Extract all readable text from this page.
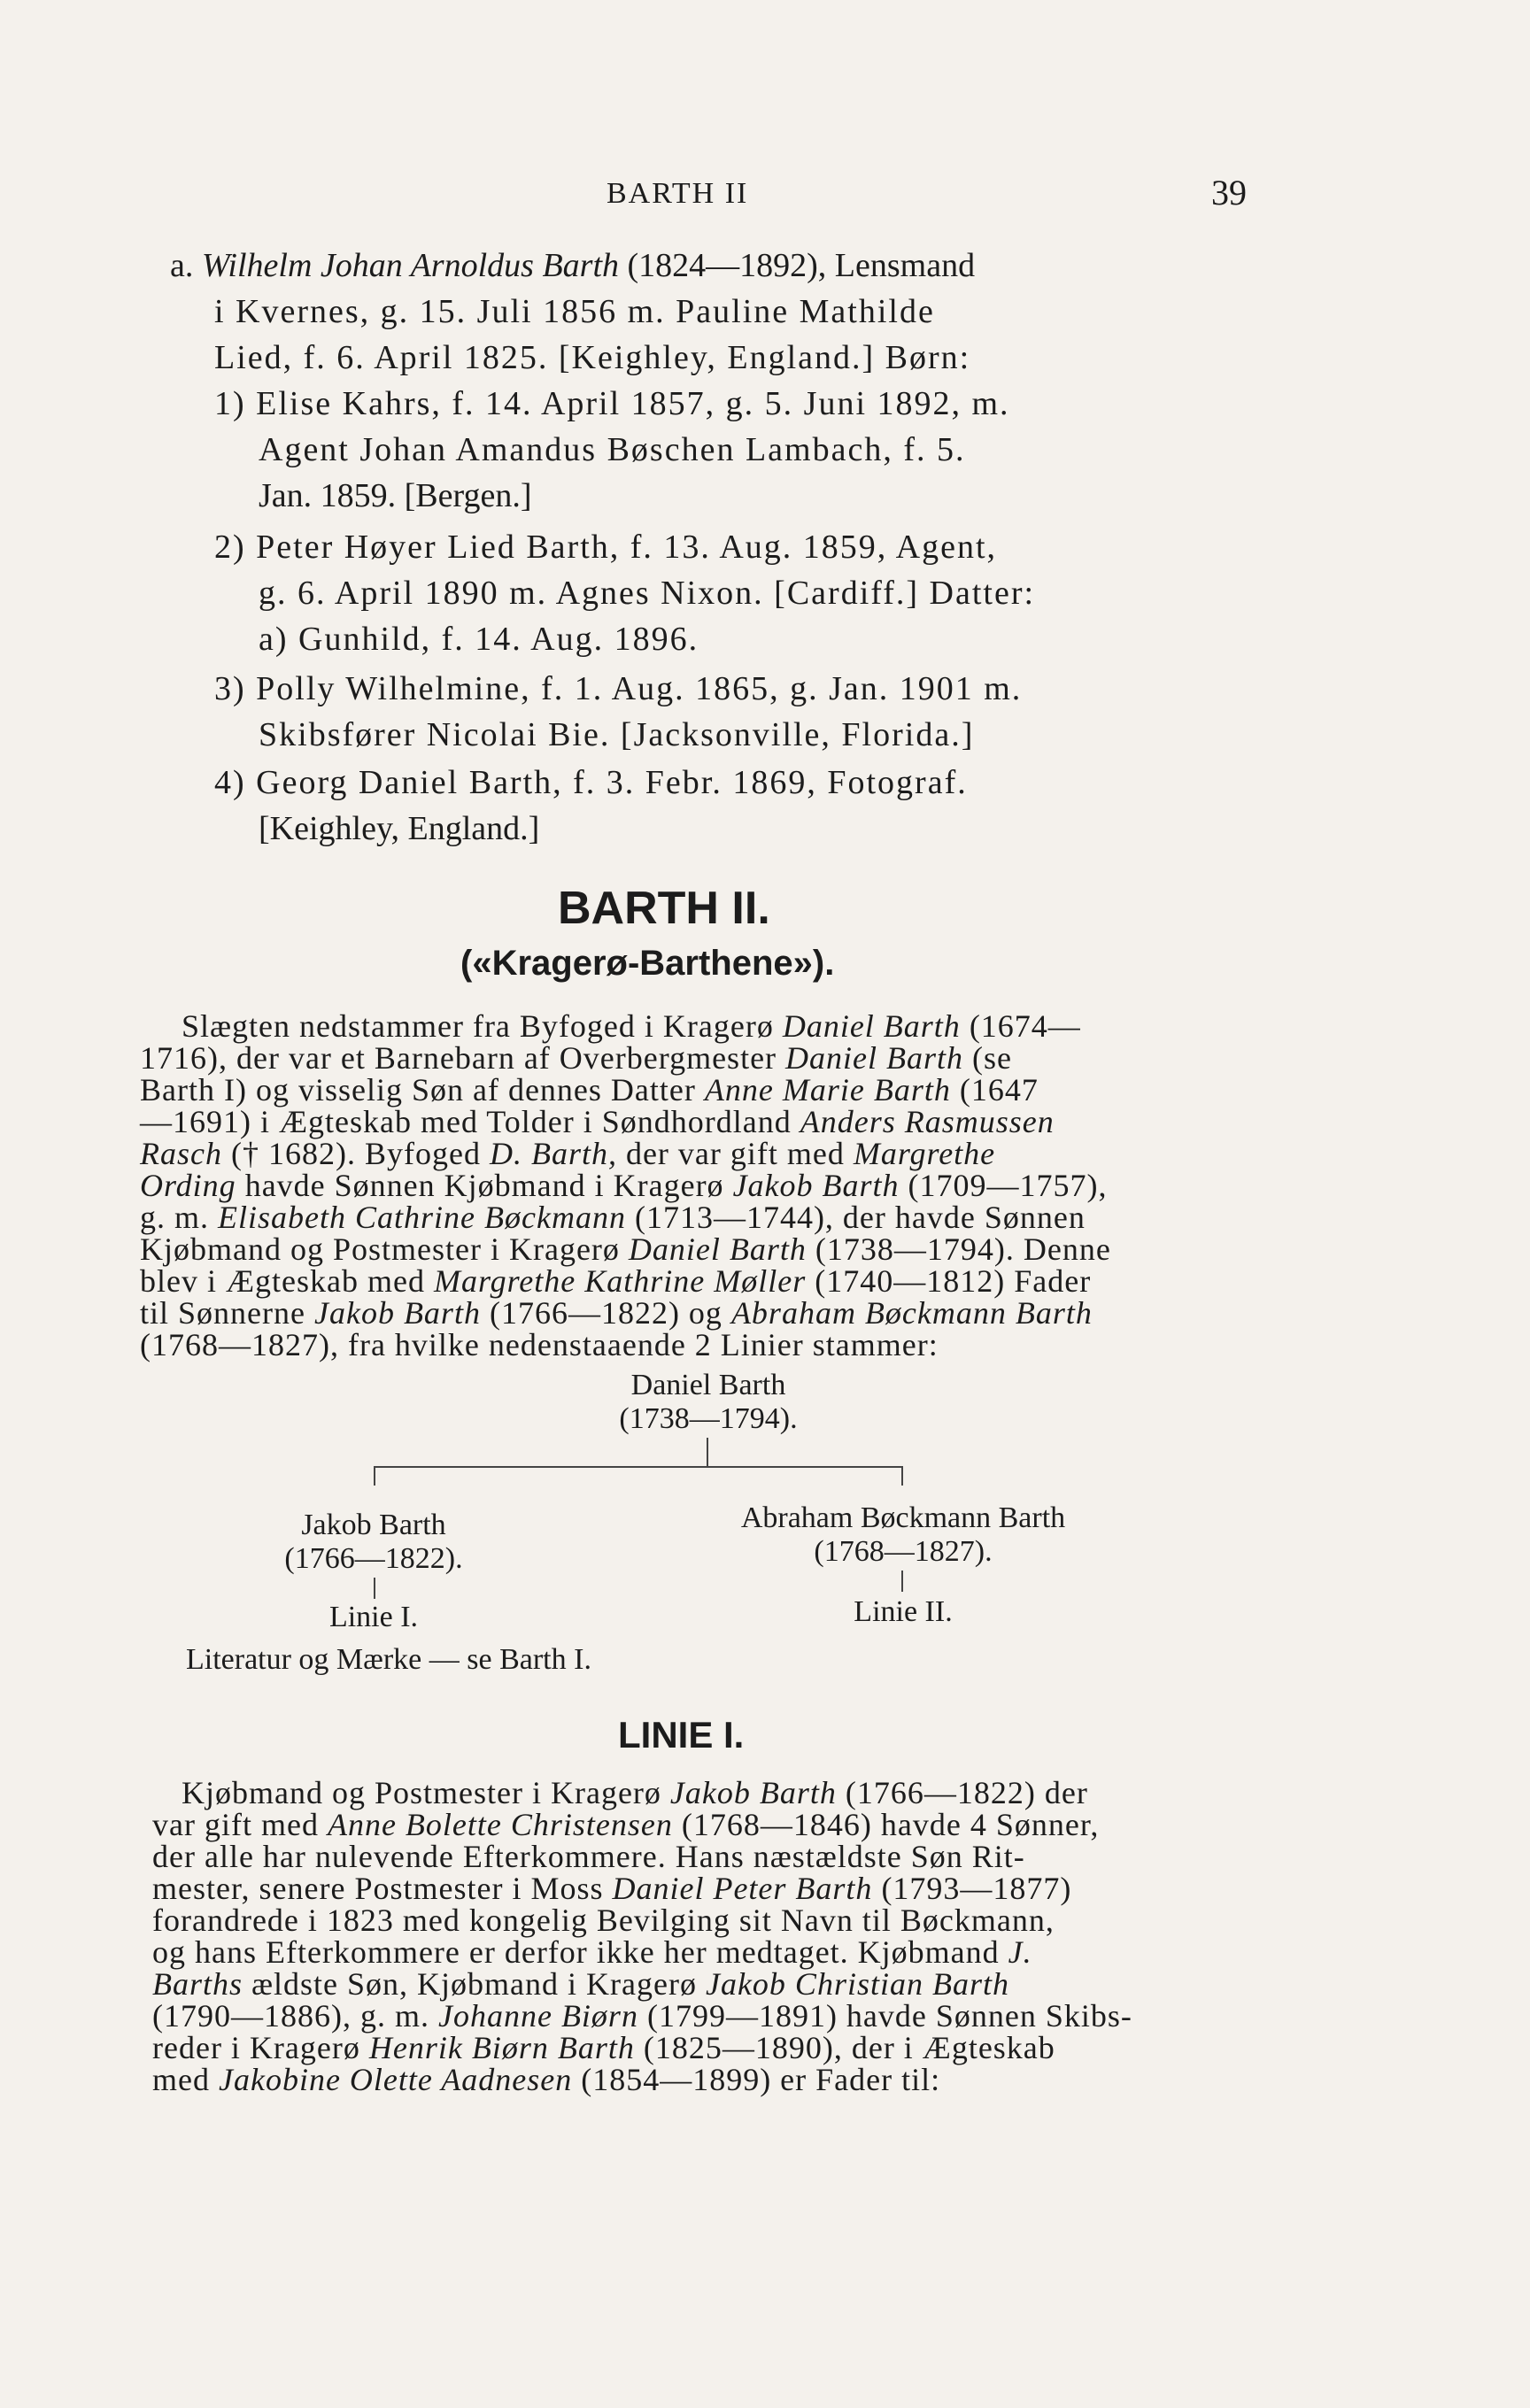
BARTH II	39
a. Wilhelm Johan Arnoldus Barth (1824—1892), Lensmand
i Kvernes, g. 15. Juli 1856 m. Pauline Mathilde
Lied, f. 6. April 1825. [Keighley, England.] Børn:
1) Elise Kahrs, f. 14. April 1857, g. 5. Juni 1892, m.
Agent Johan Amandus Bøschen Lambach, f. 5.
Jan. 1859. [Bergen.]
2) Peter Høyer Lied Barth, f. 13. Aug. 1859, Agent,
g. 6. April 1890 m. Agnes Nixon. [Cardiff.] Datter:
a) Gunhild, f. 14. Aug. 1896.
3) Polly Wilhelmine, f. 1. Aug. 1865, g. Jan. 1901 m.
Skibsfører Nicolai Bie. [Jacksonville, Florida.]
4) Georg Daniel Barth, f. 3. Febr. 1869, Fotograf.
[Keighley, England.]
BARTH II.
(«Kragerø-Barthene»).
Slægten nedstammer fra Byfoged i Kragerø Daniel Barth (1674—
1716), der var et Barnebarn af Overbergmester Daniel Barth (se
Barth I) og visselig Søn af dennes Datter Anne Marie Barth (1647
—1691) i Ægteskab med Tolder i Søndhordland Anders Rasmussen
Rasch († 1682). Byfoged D. Barth, der var gift med Margrethe
Ording havde Sønnen Kjøbmand i Kragerø Jakob Barth (1709—1757),
g. m. Elisabeth Cathrine Bøckmann (1713—1744), der havde Sønnen
Kjøbmand og Postmester i Kragerø Daniel Barth (1738—1794). Denne
blev i Ægteskab med Margrethe Kathrine Møller (1740—1812) Fader
til Sønnerne Jakob Barth (1766—1822) og Abraham Bøckmann Barth
(1768—1827), fra hvilke nedenstaaende 2 Linier stammer:
Daniel Barth
(1738—1794).
Jakob Barth
(1766—1822).
Linie I.
Abraham Bøckmann Barth
(1768—1827).
Linie II.
Literatur og Mærke — se Barth I.
LINIE I.
Kjøbmand og Postmester i Kragerø Jakob Barth (1766—1822) der
var gift med Anne Bolette Christensen (1768—1846) havde 4 Sønner,
der alle har nulevende Efterkommere. Hans næstældste Søn Rit-
mester, senere Postmester i Moss Daniel Peter Barth (1793—1877)
forandrede i 1823 med kongelig Bevilging sit Navn til Bøckmann,
og hans Efterkommere er derfor ikke her medtaget. Kjøbmand J.
Barths ældste Søn, Kjøbmand i Kragerø Jakob Christian Barth
(1790—1886), g. m. Johanne Biørn (1799—1891) havde Sønnen Skibs-
reder i Kragerø Henrik Biørn Barth (1825—1890), der i Ægteskab
med Jakobine Olette Aadnesen (1854—1899) er Fader til:
